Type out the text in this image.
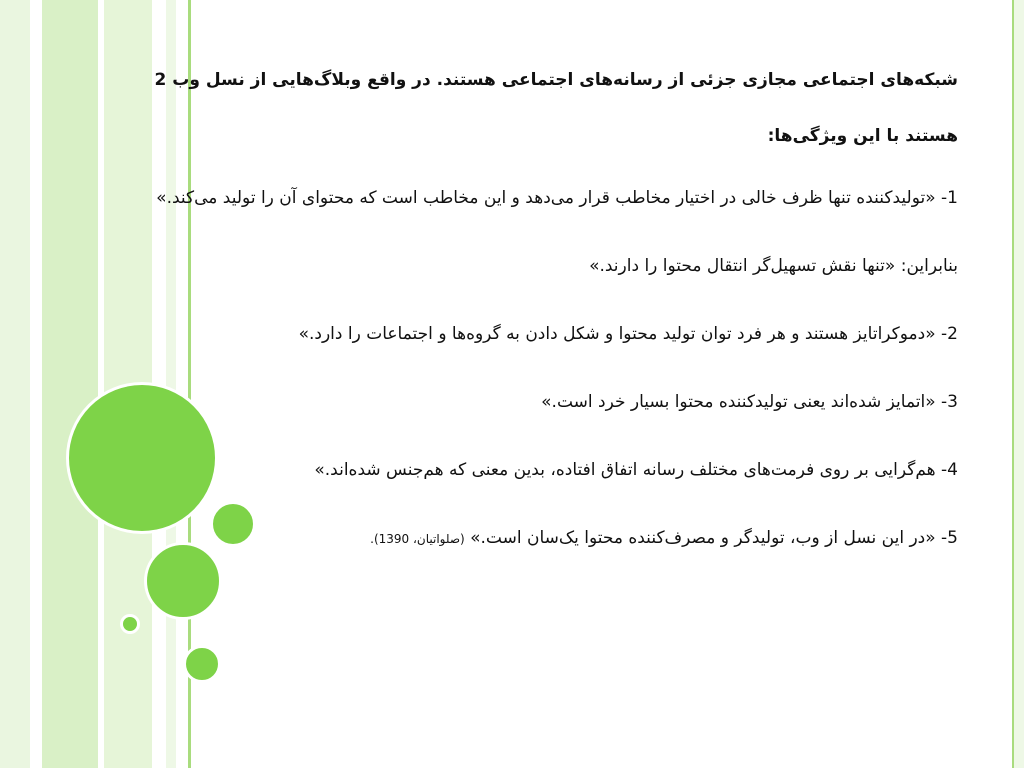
شبکه‌های اجتماعی مجازی جزئی از رسانه‌های اجتماعی هستند. در واقع وبلاگ‌هایی از نسل وب 2 هستند با این ویژگی‌ها:

1- «تولیدکننده تنها ظرف خالی در اختیار مخاطب قرار می‌دهد و این مخاطب است که محتوای آن را تولید می‌کند.» بنابراین: «تنها نقش تسهیل‌گر انتقال محتوا را دارند.»

2- «دموکراتایز هستند و هر فرد توان تولید محتوا و شکل دادن به گروه‌ها و اجتماعات را دارد.»

3- «اتمایز شده‌اند یعنی تولیدکننده محتوا بسیار خرد است.»

4- هم‌گرایی بر روی فرمت‌های مختلف رسانه اتفاق افتاده، بدین معنی که هم‌جنس شده‌اند.»

5- «در این نسل از وب، تولیدگر و مصرف‌کننده محتوا یک‌سان است.» (صلواتیان، 1390).
